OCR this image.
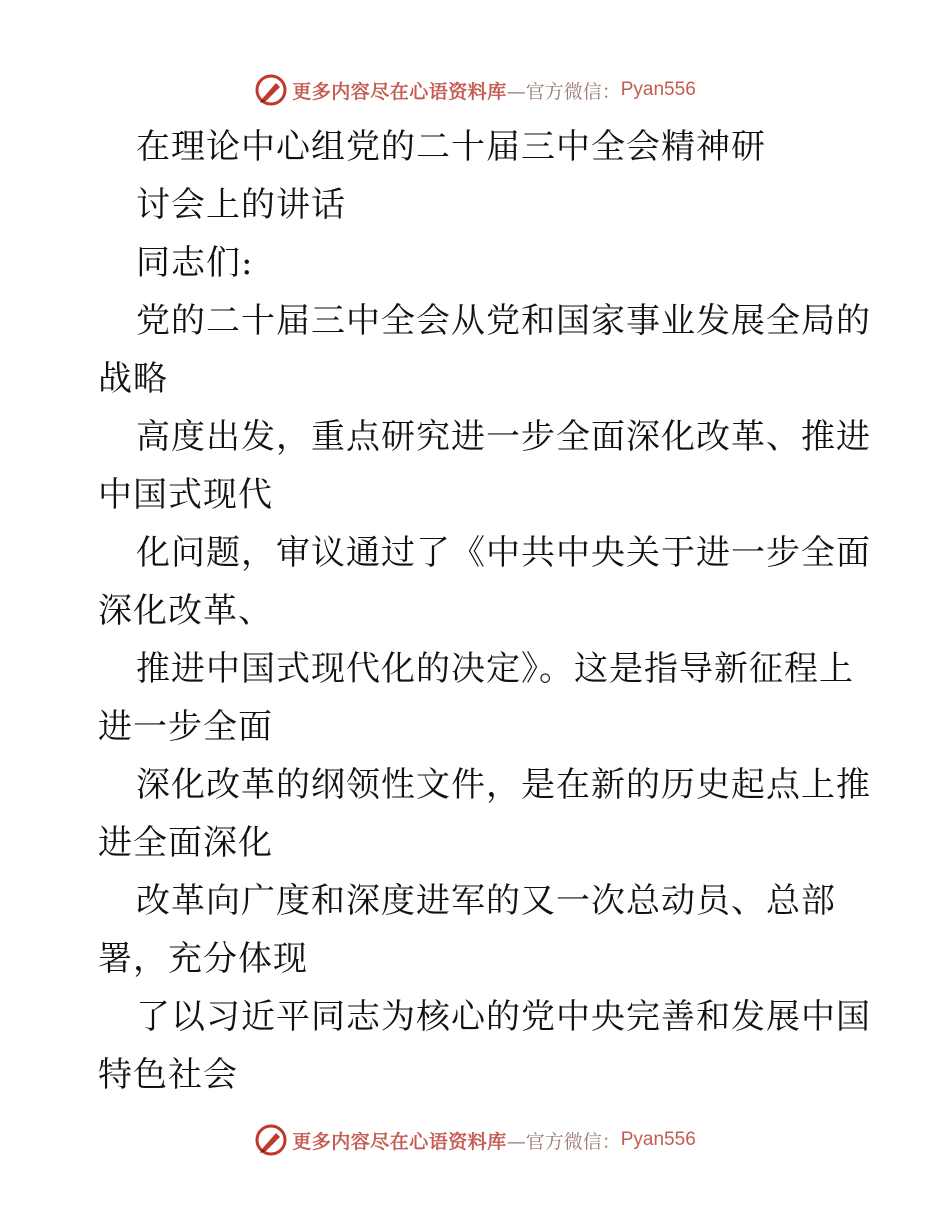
更多内容尽在心语资料库 —官方微信： Pyan556
在理论中心组党的二十届三中全会精神研
讨会上的讲话
同志们:
党的二十届三中全会从党和国家事业发展全局的
战略
高度出发，重点研究进一步全面深化改革、推进
中国式现代
化问题，审议通过了《中共中央关于进一步全面
深化改革、
推进中国式现代化的决定》。这是指导新征程上
进一步全面
深化改革的纲领性文件，是在新的历史起点上推
进全面深化
改革向广度和深度进军的又一次总动员、总部
署，充分体现
了以习近平同志为核心的党中央完善和发展中国
特色社会
更多内容尽在心语资料库 —官方微信： Pyan556
